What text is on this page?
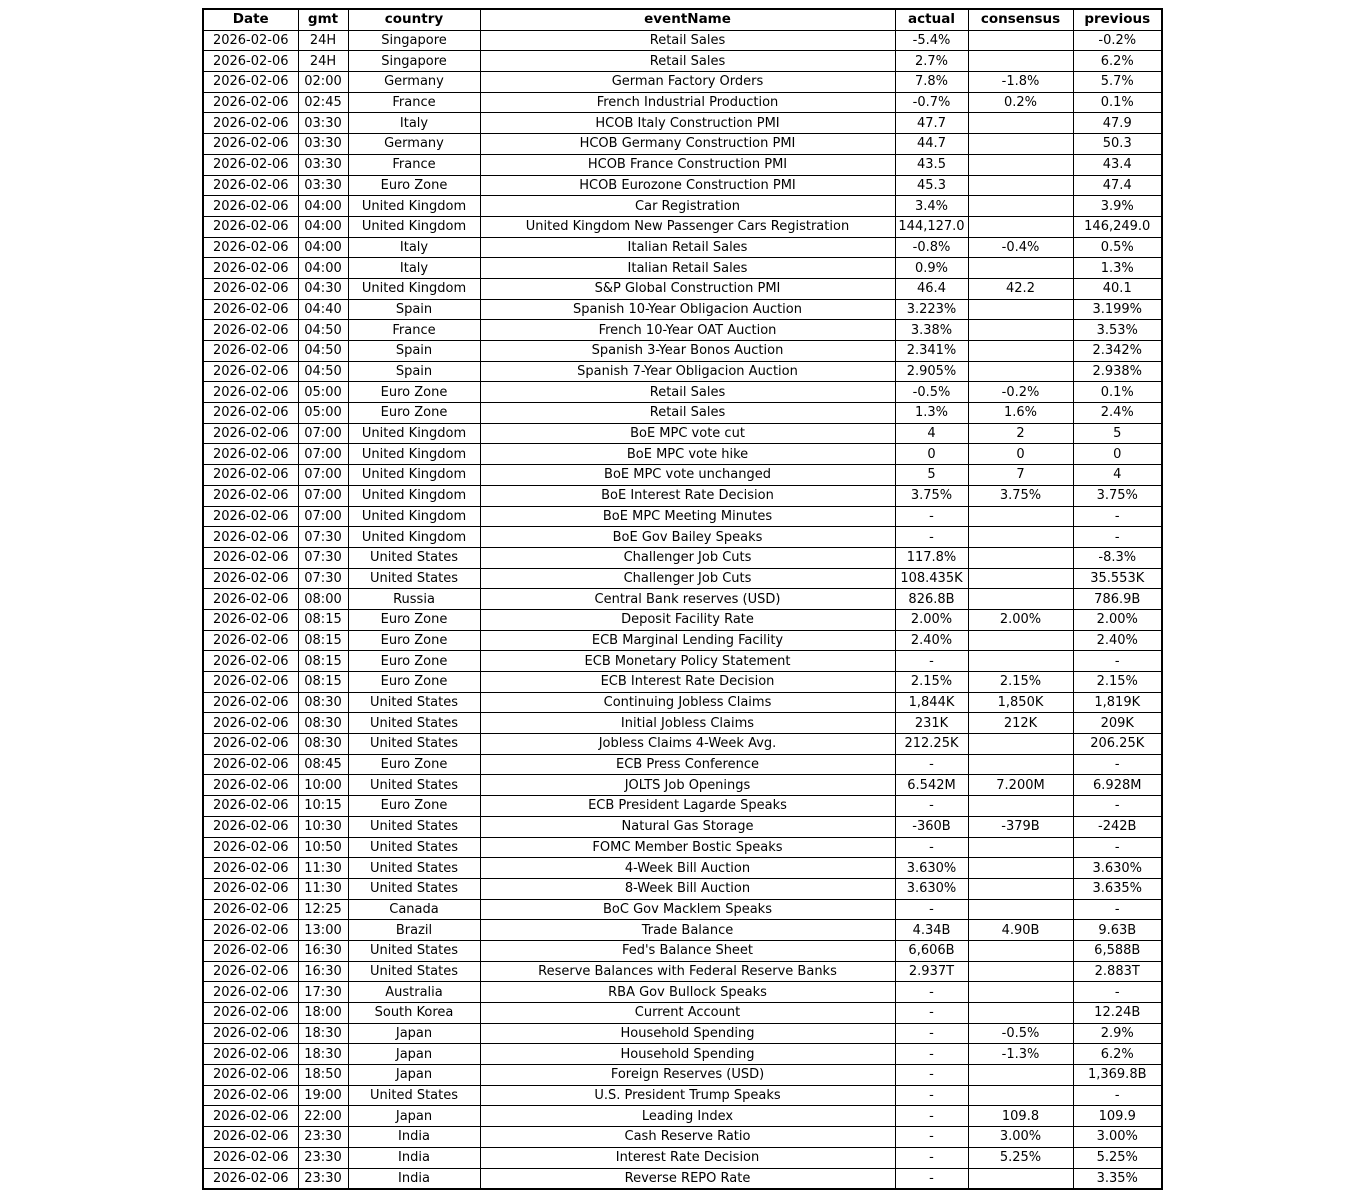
Date	gmt	country	eventName	actual	consensus	previous
2026-02-06	24H	Singapore	Retail Sales	-5.4%		-0.2%
2026-02-06	24H	Singapore	Retail Sales	2.7%		6.2%
2026-02-06	02:00	Germany	German Factory Orders	7.8%	-1.8%	5.7%
2026-02-06	02:45	France	French Industrial Production	-0.7%	0.2%	0.1%
2026-02-06	03:30	Italy	HCOB Italy Construction PMI	47.7		47.9
2026-02-06	03:30	Germany	HCOB Germany Construction PMI	44.7		50.3
2026-02-06	03:30	France	HCOB France Construction PMI	43.5		43.4
2026-02-06	03:30	Euro Zone	HCOB Eurozone Construction PMI	45.3		47.4
2026-02-06	04:00	United Kingdom	Car Registration	3.4%		3.9%
2026-02-06	04:00	United Kingdom	United Kingdom New Passenger Cars Registration	144,127.0		146,249.0
2026-02-06	04:00	Italy	Italian Retail Sales	-0.8%	-0.4%	0.5%
2026-02-06	04:00	Italy	Italian Retail Sales	0.9%		1.3%
2026-02-06	04:30	United Kingdom	S&P Global Construction PMI	46.4	42.2	40.1
2026-02-06	04:40	Spain	Spanish 10-Year Obligacion Auction	3.223%		3.199%
2026-02-06	04:50	France	French 10-Year OAT Auction	3.38%		3.53%
2026-02-06	04:50	Spain	Spanish 3-Year Bonos Auction	2.341%		2.342%
2026-02-06	04:50	Spain	Spanish 7-Year Obligacion Auction	2.905%		2.938%
2026-02-06	05:00	Euro Zone	Retail Sales	-0.5%	-0.2%	0.1%
2026-02-06	05:00	Euro Zone	Retail Sales	1.3%	1.6%	2.4%
2026-02-06	07:00	United Kingdom	BoE MPC vote cut	4	2	5
2026-02-06	07:00	United Kingdom	BoE MPC vote hike	0	0	0
2026-02-06	07:00	United Kingdom	BoE MPC vote unchanged	5	7	4
2026-02-06	07:00	United Kingdom	BoE Interest Rate Decision	3.75%	3.75%	3.75%
2026-02-06	07:00	United Kingdom	BoE MPC Meeting Minutes	-		-
2026-02-06	07:30	United Kingdom	BoE Gov Bailey Speaks	-		-
2026-02-06	07:30	United States	Challenger Job Cuts	117.8%		-8.3%
2026-02-06	07:30	United States	Challenger Job Cuts	108.435K		35.553K
2026-02-06	08:00	Russia	Central Bank reserves (USD)	826.8B		786.9B
2026-02-06	08:15	Euro Zone	Deposit Facility Rate	2.00%	2.00%	2.00%
2026-02-06	08:15	Euro Zone	ECB Marginal Lending Facility	2.40%		2.40%
2026-02-06	08:15	Euro Zone	ECB Monetary Policy Statement	-		-
2026-02-06	08:15	Euro Zone	ECB Interest Rate Decision	2.15%	2.15%	2.15%
2026-02-06	08:30	United States	Continuing Jobless Claims	1,844K	1,850K	1,819K
2026-02-06	08:30	United States	Initial Jobless Claims	231K	212K	209K
2026-02-06	08:30	United States	Jobless Claims 4-Week Avg.	212.25K		206.25K
2026-02-06	08:45	Euro Zone	ECB Press Conference	-		-
2026-02-06	10:00	United States	JOLTS Job Openings	6.542M	7.200M	6.928M
2026-02-06	10:15	Euro Zone	ECB President Lagarde Speaks	-		-
2026-02-06	10:30	United States	Natural Gas Storage	-360B	-379B	-242B
2026-02-06	10:50	United States	FOMC Member Bostic Speaks	-		-
2026-02-06	11:30	United States	4-Week Bill Auction	3.630%		3.630%
2026-02-06	11:30	United States	8-Week Bill Auction	3.630%		3.635%
2026-02-06	12:25	Canada	BoC Gov Macklem Speaks	-		-
2026-02-06	13:00	Brazil	Trade Balance	4.34B	4.90B	9.63B
2026-02-06	16:30	United States	Fed's Balance Sheet	6,606B		6,588B
2026-02-06	16:30	United States	Reserve Balances with Federal Reserve Banks	2.937T		2.883T
2026-02-06	17:30	Australia	RBA Gov Bullock Speaks	-		-
2026-02-06	18:00	South Korea	Current Account	-		12.24B
2026-02-06	18:30	Japan	Household Spending	-	-0.5%	2.9%
2026-02-06	18:30	Japan	Household Spending	-	-1.3%	6.2%
2026-02-06	18:50	Japan	Foreign Reserves (USD)	-		1,369.8B
2026-02-06	19:00	United States	U.S. President Trump Speaks	-		-
2026-02-06	22:00	Japan	Leading Index	-	109.8	109.9
2026-02-06	23:30	India	Cash Reserve Ratio	-	3.00%	3.00%
2026-02-06	23:30	India	Interest Rate Decision	-	5.25%	5.25%
2026-02-06	23:30	India	Reverse REPO Rate	-		3.35%
